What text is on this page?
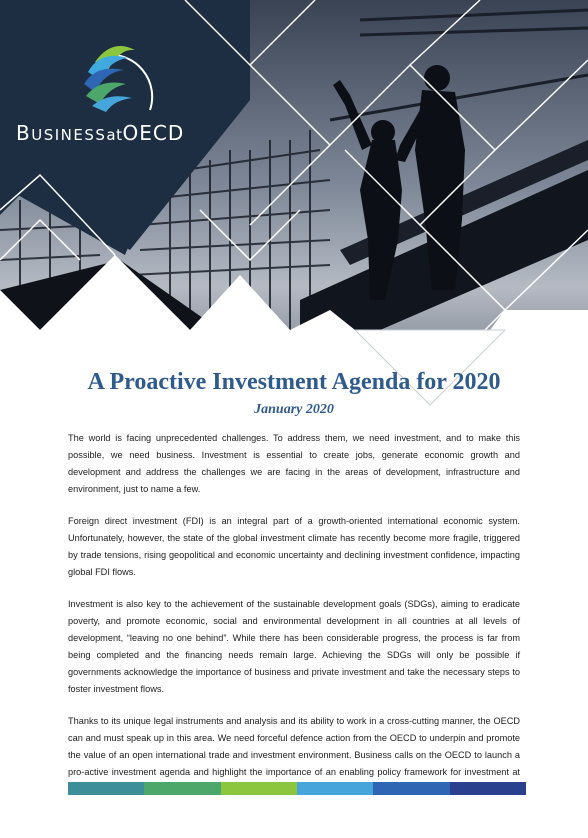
BUSINESSatOECD
A Proactive Investment Agenda for 2020
January 2020

The world is facing unprecedented challenges. To address them, we need investment, and to make this possible, we need business. Investment is essential to create jobs, generate economic growth and development and address the challenges we are facing in the areas of development, infrastructure and environment, just to name a few.

Foreign direct investment (FDI) is an integral part of a growth-oriented international economic system. Unfortunately, however, the state of the global investment climate has recently become more fragile, triggered by trade tensions, rising geopolitical and economic uncertainty and declining investment confidence, impacting global FDI flows.

Investment is also key to the achievement of the sustainable development goals (SDGs), aiming to eradicate poverty, and promote economic, social and environmental development in all countries at all levels of development, “leaving no one behind”. While there has been considerable progress, the process is far from being completed and the financing needs remain large. Achieving the SDGs will only be possible if governments acknowledge the importance of business and private investment and take the necessary steps to foster investment flows.

Thanks to its unique legal instruments and analysis and its ability to work in a cross-cutting manner, the OECD can and must speak up in this area. We need forceful defence action from the OECD to underpin and promote the value of an open international trade and investment environment. Business calls on the OECD to launch a pro-active investment agenda and highlight the importance of an enabling policy framework for investment at
